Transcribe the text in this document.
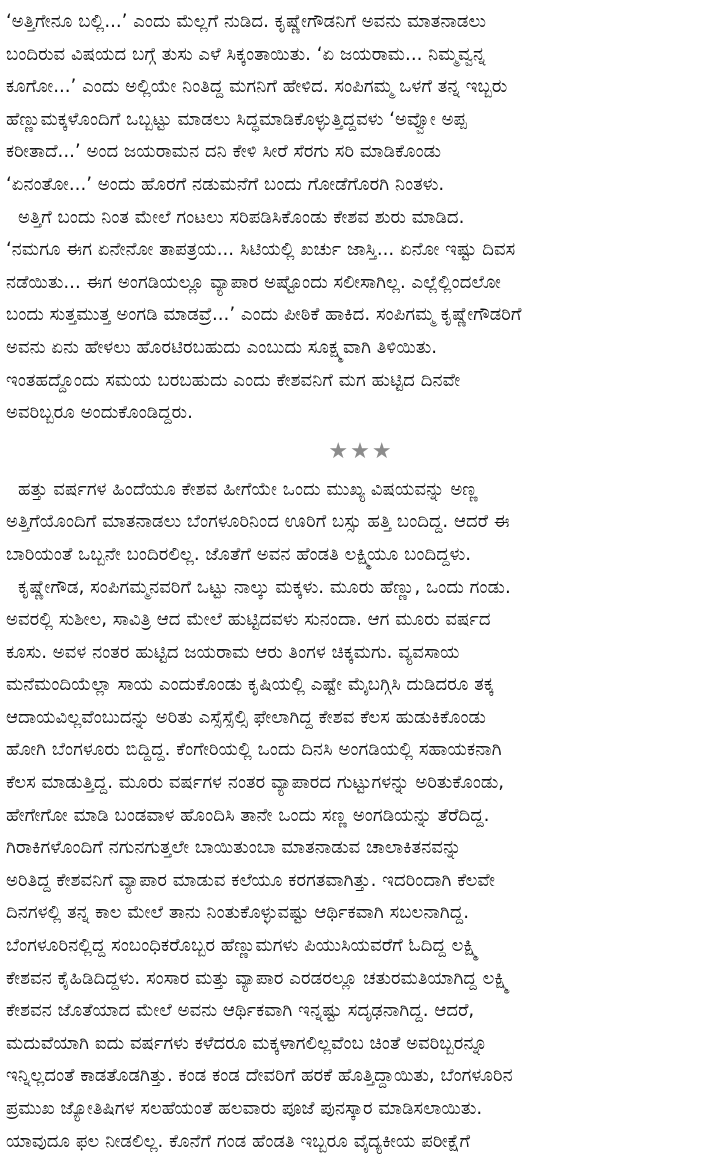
‘ಅತ್ತಿಗೇನೂ ಬಲ್ಲಿ...’ ಎಂದು ಮೆಲ್ಲಗೆ ನುಡಿದ. ಕೃಷ್ಣೇಗೌಡನಿಗೆ ಅವನು ಮಾತನಾಡಲು
ಬಂದಿರುವ ವಿಷಯದ ಬಗ್ಗೆ ತುಸು ಎಳೆ ಸಿಕ್ಕಂತಾಯಿತು. ‘ಏ ಜಯರಾಮ... ನಿಮ್ಮವ್ವನ್ನ
ಕೂಗೋ...’ ಎಂದು ಅಲ್ಲಿಯೇ ನಿಂತಿದ್ದ ಮಗನಿಗೆ ಹೇಳಿದ. ಸಂಪಿಗಮ್ಮ ಒಳಗೆ ತನ್ನ ಇಬ್ಬರು
ಹೆಣ್ಣುಮಕ್ಕಳೊಂದಿಗೆ ಒಬ್ಬಟ್ಟು ಮಾಡಲು ಸಿದ್ಧಮಾಡಿಕೊಳ್ಳುತ್ತಿದ್ದವಳು ‘ಅವ್ವೋ ಅಪ್ಪ
ಕರೀತಾದೆ...’ ಅಂದ ಜಯರಾಮನ ದನಿ ಕೇಳಿ ಸೀರೆ ಸೆರಗು ಸರಿ ಮಾಡಿಕೊಂಡು
‘ಏನಂತೋ...’ ಅಂದು ಹೊರಗೆ ನಡುಮನೆಗೆ ಬಂದು ಗೋಡೆಗೊರಗಿ ನಿಂತಳು.
ಅತ್ತಿಗೆ ಬಂದು ನಿಂತ ಮೇಲೆ ಗಂಟಲು ಸರಿಪಡಿಸಿಕೊಂಡು ಕೇಶವ ಶುರು ಮಾಡಿದ.
‘ನಮಗೂ ಈಗ ಏನೇನೋ ತಾಪತ್ರಯ... ಸಿಟಿಯಲ್ಲಿ ಖರ್ಚು ಜಾಸ್ತಿ... ಏನೋ ಇಷ್ಟು ದಿವಸ
ನಡೆಯಿತು... ಈಗ ಅಂಗಡಿಯಲ್ಲೂ ವ್ಯಾಪಾರ ಅಷ್ಟೊಂದು ಸಲೀಸಾಗಿಲ್ಲ. ಎಲ್ಲೆಲ್ಲಿಂದಲೋ
ಬಂದು ಸುತ್ತಮುತ್ತ ಅಂಗಡಿ ಮಾಡವ್ರೆ...’ ಎಂದು ಪೀಠಿಕೆ ಹಾಕಿದ. ಸಂಪಿಗಮ್ಮ ಕೃಷ್ಣೇಗೌಡರಿಗೆ
ಅವನು ಏನು ಹೇಳಲು ಹೊರಟಿರಬಹುದು ಎಂಬುದು ಸೂಕ್ಷ್ಮವಾಗಿ ತಿಳಿಯಿತು.
ಇಂತಹದ್ದೊಂದು ಸಮಯ ಬರಬಹುದು ಎಂದು ಕೇಶವನಿಗೆ ಮಗ ಹುಟ್ಟಿದ ದಿನವೇ
ಅವರಿಬ್ಬರೂ ಅಂದುಕೊಂಡಿದ್ದರು.
★★★
ಹತ್ತು ವರ್ಷಗಳ ಹಿಂದೆಯೂ ಕೇಶವ ಹೀಗೆಯೇ ಒಂದು ಮುಖ್ಯ ವಿಷಯವನ್ನು ಅಣ್ಣ
ಅತ್ತಿಗೆಯೊಂದಿಗೆ ಮಾತನಾಡಲು ಬೆಂಗಳೂರಿನಿಂದ ಊರಿಗೆ ಬಸ್ಸು ಹತ್ತಿ ಬಂದಿದ್ದ. ಆದರೆ ಈ
ಬಾರಿಯಂತೆ ಒಬ್ಬನೇ ಬಂದಿರಲಿಲ್ಲ. ಜೊತೆಗೆ ಅವನ ಹೆಂಡತಿ ಲಕ್ಷ್ಮಿಯೂ ಬಂದಿದ್ದಳು.
ಕೃಷ್ಣೇಗೌಡ, ಸಂಪಿಗಮ್ಮನವರಿಗೆ ಒಟ್ಟು ನಾಲ್ಕು ಮಕ್ಕಳು. ಮೂರು ಹೆಣ್ಣು, ಒಂದು ಗಂಡು.
ಅವರಲ್ಲಿ ಸುಶೀಲ, ಸಾವಿತ್ರಿ ಆದ ಮೇಲೆ ಹುಟ್ಟಿದವಳು ಸುನಂದಾ. ಆಗ ಮೂರು ವರ್ಷದ
ಕೂಸು. ಅವಳ ನಂತರ ಹುಟ್ಟಿದ ಜಯರಾಮ ಆರು ತಿಂಗಳ ಚಿಕ್ಕಮಗು. ವ್ಯವಸಾಯ
ಮನೆಮಂದಿಯೆಲ್ಲಾ ಸಾಯ ಎಂದುಕೊಂಡು ಕೃಷಿಯಲ್ಲಿ ಎಷ್ಟೇ ಮೈಬಗ್ಗಿಸಿ ದುಡಿದರೂ ತಕ್ಕ
ಆದಾಯವಿಲ್ಲವೆಂಬುದನ್ನು ಅರಿತು ಎಸ್ಸೆಸ್ಸೆಲ್ಸಿ ಫೇಲಾಗಿದ್ದ ಕೇಶವ ಕೆಲಸ ಹುಡುಕಿಕೊಂಡು
ಹೋಗಿ ಬೆಂಗಳೂರು ಬಿದ್ದಿದ್ದ. ಕೆಂಗೇರಿಯಲ್ಲಿ ಒಂದು ದಿನಸಿ ಅಂಗಡಿಯಲ್ಲಿ ಸಹಾಯಕನಾಗಿ
ಕೆಲಸ ಮಾಡುತ್ತಿದ್ದ. ಮೂರು ವರ್ಷಗಳ ನಂತರ ವ್ಯಾಪಾರದ ಗುಟ್ಟುಗಳನ್ನು ಅರಿತುಕೊಂಡು,
ಹೇಗೇಗೋ ಮಾಡಿ ಬಂಡವಾಳ ಹೊಂದಿಸಿ ತಾನೇ ಒಂದು ಸಣ್ಣ ಅಂಗಡಿಯನ್ನು ತೆರೆದಿದ್ದ.
ಗಿರಾಕಿಗಳೊಂದಿಗೆ ನಗುನಗುತ್ತಲೇ ಬಾಯಿತುಂಬಾ ಮಾತನಾಡುವ ಚಾಲಾಕಿತನವನ್ನು
ಅರಿತಿದ್ದ ಕೇಶವನಿಗೆ ವ್ಯಾಪಾರ ಮಾಡುವ ಕಲೆಯೂ ಕರಗತವಾಗಿತ್ತು. ಇದರಿಂದಾಗಿ ಕೆಲವೇ
ದಿನಗಳಲ್ಲಿ ತನ್ನ ಕಾಲ ಮೇಲೆ ತಾನು ನಿಂತುಕೊಳ್ಳುವಷ್ಟು ಆರ್ಥಿಕವಾಗಿ ಸಬಲನಾಗಿದ್ದ.
ಬೆಂಗಳೂರಿನಲ್ಲಿದ್ದ ಸಂಬಂಧಿಕರೊಬ್ಬರ ಹೆಣ್ಣುಮಗಳು ಪಿಯುಸಿಯವರೆಗೆ ಓದಿದ್ದ ಲಕ್ಷ್ಮಿ
ಕೇಶವನ ಕೈಹಿಡಿದಿದ್ದಳು. ಸಂಸಾರ ಮತ್ತು ವ್ಯಾಪಾರ ಎರಡರಲ್ಲೂ ಚತುರಮತಿಯಾಗಿದ್ದ ಲಕ್ಷ್ಮಿ
ಕೇಶವನ ಜೊತೆಯಾದ ಮೇಲೆ ಅವನು ಆರ್ಥಿಕವಾಗಿ ಇನ್ನಷ್ಟು ಸದೃಢನಾಗಿದ್ದ. ಆದರೆ,
ಮದುವೆಯಾಗಿ ಐದು ವರ್ಷಗಳು ಕಳೆದರೂ ಮಕ್ಕಳಾಗಲಿಲ್ಲವೆಂಬ ಚಿಂತೆ ಅವರಿಬ್ಬರನ್ನೂ
ಇನ್ನಿಲ್ಲದಂತೆ ಕಾಡತೊಡಗಿತ್ತು. ಕಂಡ ಕಂಡ ದೇವರಿಗೆ ಹರಕೆ ಹೊತ್ತಿದ್ದಾಯಿತು, ಬೆಂಗಳೂರಿನ
ಪ್ರಮುಖ ಜ್ಯೋತಿಷಿಗಳ ಸಲಹೆಯಂತೆ ಹಲವಾರು ಪೂಜೆ ಪುನಸ್ಕಾರ ಮಾಡಿಸಲಾಯಿತು.
ಯಾವುದೂ ಫಲ ನೀಡಲಿಲ್ಲ. ಕೊನೆಗೆ ಗಂಡ ಹೆಂಡತಿ ಇಬ್ಬರೂ ವೈದ್ಯಕೀಯ ಪರೀಕ್ಷೆಗೆ
